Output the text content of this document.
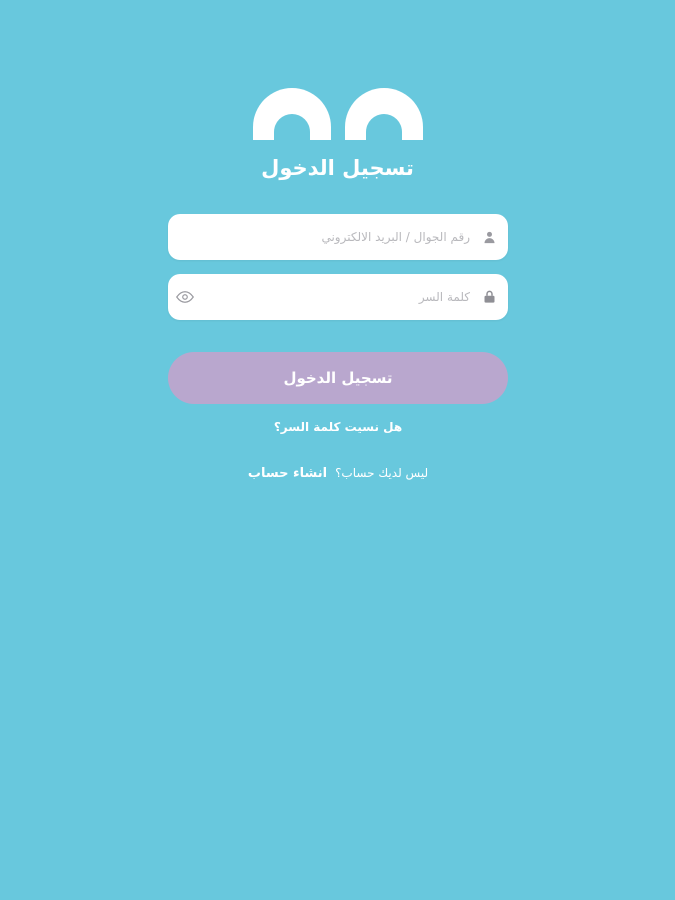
تسجيل الدخول
رقم الجوال / البريد الالكتروني
كلمة السر
تسجيل الدخول
هل نسيت كلمة السر؟
ليس لديك حساب؟
انشاء حساب
